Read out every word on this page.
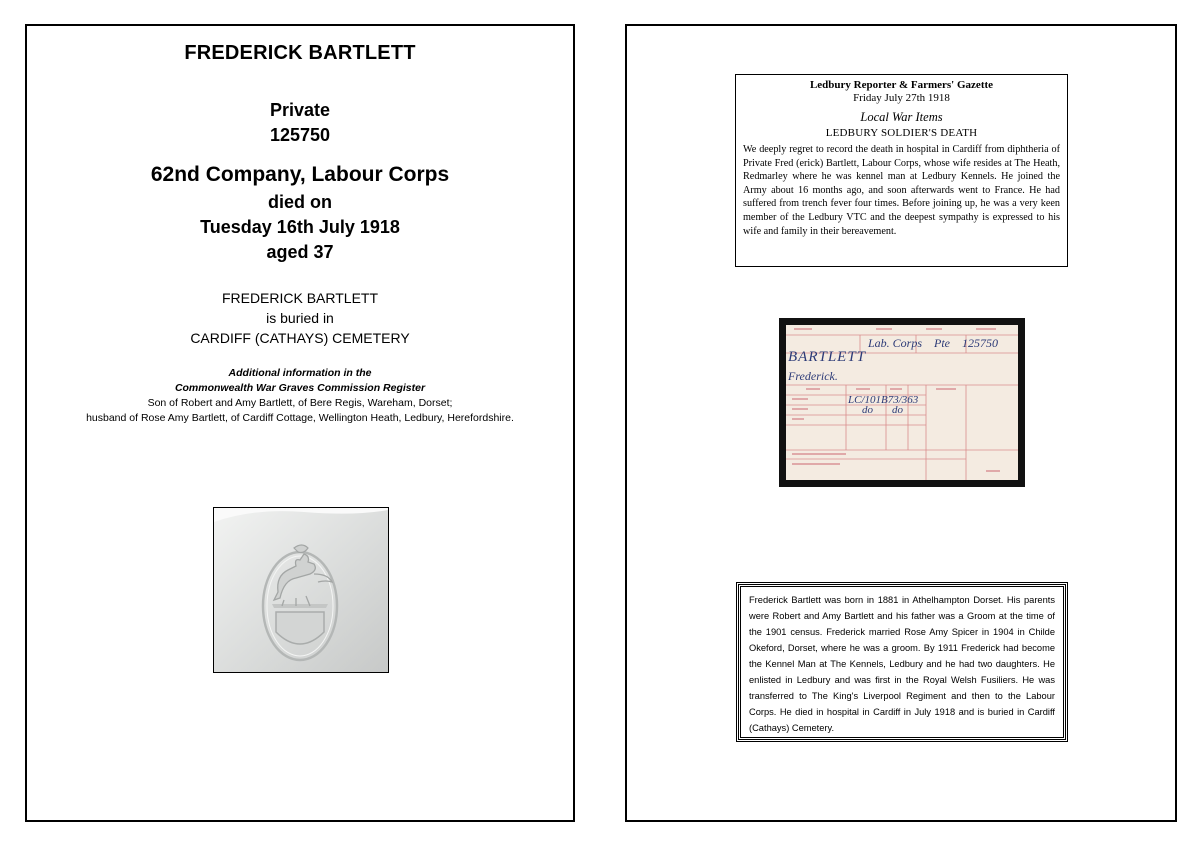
FREDERICK BARTLETT
Private
125750
62nd Company, Labour Corps
died on
Tuesday 16th July 1918
aged 37
FREDERICK BARTLETT
is buried in
CARDIFF (CATHAYS) CEMETERY
Additional information in the
Commonwealth War Graves Commission Register
Son of Robert and Amy Bartlett, of Bere Regis, Wareham, Dorset;
husband of Rose Amy Bartlett, of Cardiff Cottage, Wellington Heath, Ledbury, Herefordshire.
Ledbury Reporter & Farmers' Gazette
Friday July 27th 1918
Local War Items
LEDBURY SOLDIER'S DEATH
We deeply regret to record the death in hospital in Cardiff from diphtheria of Private Fred (erick) Bartlett, Labour Corps, whose wife resides at The Heath, Redmarley where he was kennel man at Ledbury Kennels. He joined the Army about 16 months ago, and soon afterwards went to France. He had suffered from trench fever four times. Before joining up, he was a very keen member of the Ledbury VTC and the deepest sympathy is expressed to his wife and family in their bereavement.
Lab. Corps Pte 125750
BARTLETT
Frederick.
LC/101B73/363
do do
Frederick Bartlett was born in 1881 in Athelhampton Dorset. His parents were Robert and Amy Bartlett and his father was a Groom at the time of the 1901 census. Frederick married Rose Amy Spicer in 1904 in Childe Okeford, Dorset, where he was a groom. By 1911 Frederick had become the Kennel Man at The Kennels, Ledbury and he had two daughters. He enlisted in Ledbury and was first in the Royal Welsh Fusiliers. He was transferred to The King's Liverpool Regiment and then to the Labour Corps. He died in hospital in Cardiff in July 1918 and is buried in Cardiff (Cathays) Cemetery.
